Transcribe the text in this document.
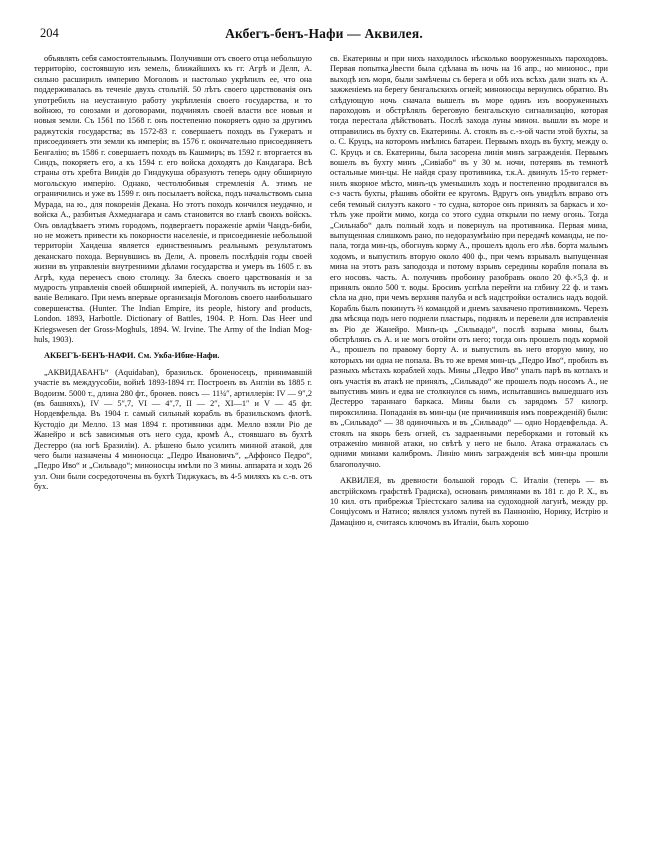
204	Акбегъ-бенъ-Нафи — Аквилея.

объявлять себя самостоятельнымъ. Получивши отъ своего отца небольшую территорію, состоявшую изъ земель, ближайшихъ къ гг. Агрѣ и Делп, А. сильно расширилъ империю Моголовъ и настолько укрѣпилъ ее, что она поддерживалась въ теченіе двухъ стольтій. 50 лѣтъ своего царствованія онъ употребилъ на неустанную работу укрѣпленія своего государства, и то войною, то союзами и договорами, подчинялъ своей власти все новыя и новыя земли. Съ 1561 по 1568 г. онъ постепенно покоряетъ одно за другимъ раджутскія государства; въ 1572-83 г. совершаетъ походъ въ Гужератъ и присоединяетъ эти земли къ имперіи; въ 1576 г. окончательно присоединяетъ Бенгалію; въ 1586 г. совершаетъ походъ въ Кашмиръ; въ 1592 г. вторгается въ Синдъ, покоряетъ его, а къ 1594 г. его войска доходятъ до Кандагара. Всѣ страны отъ хребта Виндія до Гиндукуша образуютъ теперь одну обширную могольскую имперію. Однако, честолюбивыя стремленія А. этимъ не ограничились и уже въ 1599 г. онъ посылаетъ войска, подъ начальствомъ сына Мурада, на ю., для покоренія Декана. Но этотъ походъ кончился неудачно, и войска А., разбитыя Ахмеднагара и самъ становится во главѣ своихъ войскъ. Онъ овладѣваетъ этимъ городомъ, подвергаетъ пораженіе арміи Чандъ-биби, но не можетъ привести къ покорности населеніе, и присоединеніе небольшой территоріи Хандеша является единственнымъ реальнымъ результатомъ деканскаго похода. Вернувшись въ Дели, А. провелъ послѣднія годы своей жизни въ управленіи внутренними дѣлами государства и умеръ въ 1605 г. въ Агрѣ, куда перенесъ свою столицу. За блескъ своего царствованія и за мудрость управленія своей обширной имперіей, А. получилъ въ исторіи названіе Великаго. При немъ впервые организація Моголовъ своего наибольшаго совершенства. (Hunter. The Indian Empire, its people, history and products, London. 1893, Harbottle. Dictionary of Battles, 1904. P. Horn. Das Heer und Kriegswesen der Gross-Moghuls, 1894. W. Irvine. The Army of the Indian Moghuls, 1903).

АКБЕГЪ-БЕНЪ-НАФИ. См. Укба-Ибне-Нафи.

„АКВИДАБАНЪ“ (Aquidaban), бразильск. броненосецъ, принимавшій участіе въ междуусобіи, войнѣ 1893-1894 гг. Построенъ въ Англіи въ 1885 г. Водоизм. 5000 т., длина 280 фт., бронев. поясъ — 11¼″, артиллерія: IV — 9″,2 (въ башняхъ), IV — 5″,7, VI — 4″,7, II — 2″, XI—1″ и V — 45 фт. Нордевфельда. Въ 1904 г. самый сильный корабль въ бразильскомъ флотѣ. Кустодіо ди Мелло. 13 мая 1894 г. противники адм. Мелло взяли Ріо де Жанейро и всѣ зависимыя отъ него суда, кромѣ А., стоявшаго въ бухтѣ Дестерро (на югѣ Бразиліи). А. рѣшено было усилить минной атакой, для чего были назначены 4 миноносца: „Педро Ивановичъ“, „Аффонсо Педро“, „Педро Иво“ и „Сильвадо“; миноносцы имѣли по 3 мины. аппарата и ходъ 26 узл. Они были сосредоточены въ бухтѣ Тиджукасъ, въ 4-5 миляхъ къ с.-в. отъ бух.

св. Екатерины и при нихъ находилось нѣсколько вооруженныхъ пароходовъ. Первая попыткаازвести была сдѣлана въ ночь на 16 апр., но минонос., при выходѣ изъ моря, были замѣчены съ берега и обѣ ихъ всѣхъ дали знать къ А. зажженіемъ на берегу бенгальскихъ огней; миноносцы вернулись обратно. Въ слѣдующую ночь сначала вышелъ въ море одинъ изъ вооруженныхъ пароходовъ и обстрѣлялъ береговую бенгальскую сигнализацію, которая тогда перестала дѣйствовать. Послѣ захода луны минон. вышли въ море и отправились въ бухту св. Екатерины. А. стоялъ въ с.-з-ой части этой бухты, за о. С. Круцъ, на которомъ имѣлись батареи. Первымъ входъ въ бухту, между о. С. Круцъ и св. Екатерины, была засорена линія минъ загражденія. Первымъ вошелъ въ бухту минъ „Сивіабо“ въ у 30 м. ночи, потерявъ въ темнотѣ остальные мин-цы. Не найдя сразу противника, т.к.А. двинулъ 15-то герметнилъ якорное мѣсто, минъ-цъ уменьшилъ ходъ и постепенно продвигался въ с-з часть бухты, рѣшивъ обойти ее кругомъ. Вдругъ онъ увидѣлъ вправо отъ себя темный силуэтъ какого - то судна, которое онъ принялъ за баркасъ и хотѣлъ уже пройти мимо, когда со этого судна открыли по нему огонь. Тогда „Сильнабо“ далъ полный ходъ и повернулъ на противника. Первая мина, выпущенная слишкомъ рано, по недоразумѣнію при передачѣ команды, не попала, тогда мин-цъ, обогнувъ корму А., прошелъ вдоль его лѣв. борта малымъ ходомъ, и выпустилъ вторую около 400 ф., при чемъ взрывалъ выпущенная мина на этотъ разъ заподозда и потому взрывъ середины корабля попала въ его носовъ. часть. А. получивъ пробоину разобравъ около 20 ф.×5,3 ф. и принялъ около 500 т. воды. Бросивъ успѣла перейти на глбину 22 ф. и тамъ сѣла на дно, при чемъ верхняя палуба и всѣ надстройки остались надъ водой. Корабль былъ покинутъ ⅔ командой и днемъ захвачено противникомъ. Черезъ два мѣсяца подъ него поднели пластырь, поднялъ и перевели для исправленія въ Ріо де Жанейро. Минъ-цъ „Сильвадо“, послѣ взрыва мины, былъ обстрѣлянъ съ А. и не могъ отойти отъ него; тогда онъ прошелъ подъ кормой А., прошелъ по правому борту А. и выпустилъ въ него вторую мину, но которыхъ ни одна не попала. Въ то же время мин-цъ „Педро Иво“, пробилъ въ разныхъ мѣстахъ кораблей ходъ. Мины „Педро Иво“ упалъ парѣ въ котлахъ и онъ участія въ атакѣ не принялъ, „Сильвадо“ же прошелъ подъ носомъ А., не выпустивъ минъ и едва не столкнулся съ нимъ, испытавшись вышедшаго изъ Дестерро тараннаго баркаса. Мины были съ зарядомъ 57 килогр. пироксилина. Попаданія въ мин-цы (не причинившія имъ поврежденій) были: въ „Сильвадо“ — 38 одиночныхъ и въ „Сильвадо“ — одно Нордевфельда. А. стоялъ на якорь безъ огней, съ задраенными переборками и готовый къ отраженію минной атаки, но свѣтѣ у него не было. Атака отражалась съ одними минами калибромъ. Линію минъ загражденія всѣ мин-цы прошли благополучно.

АКВИЛЕЯ, въ древности большой городъ С. Италіи (теперь — въ австрійскомъ графствѣ Градиска), основанъ римлянами въ 181 г. до Р. Х., въ 10 кил. отъ прибрежья Тріестскаго залива на судоходной лагунѣ, между рр. Сонціусомъ и Натисо; являлся узломъ путей въ Паннонію, Норику, Истрію и Дамаціию и, считаясь ключомъ въ Италіи, былъ хорошо
